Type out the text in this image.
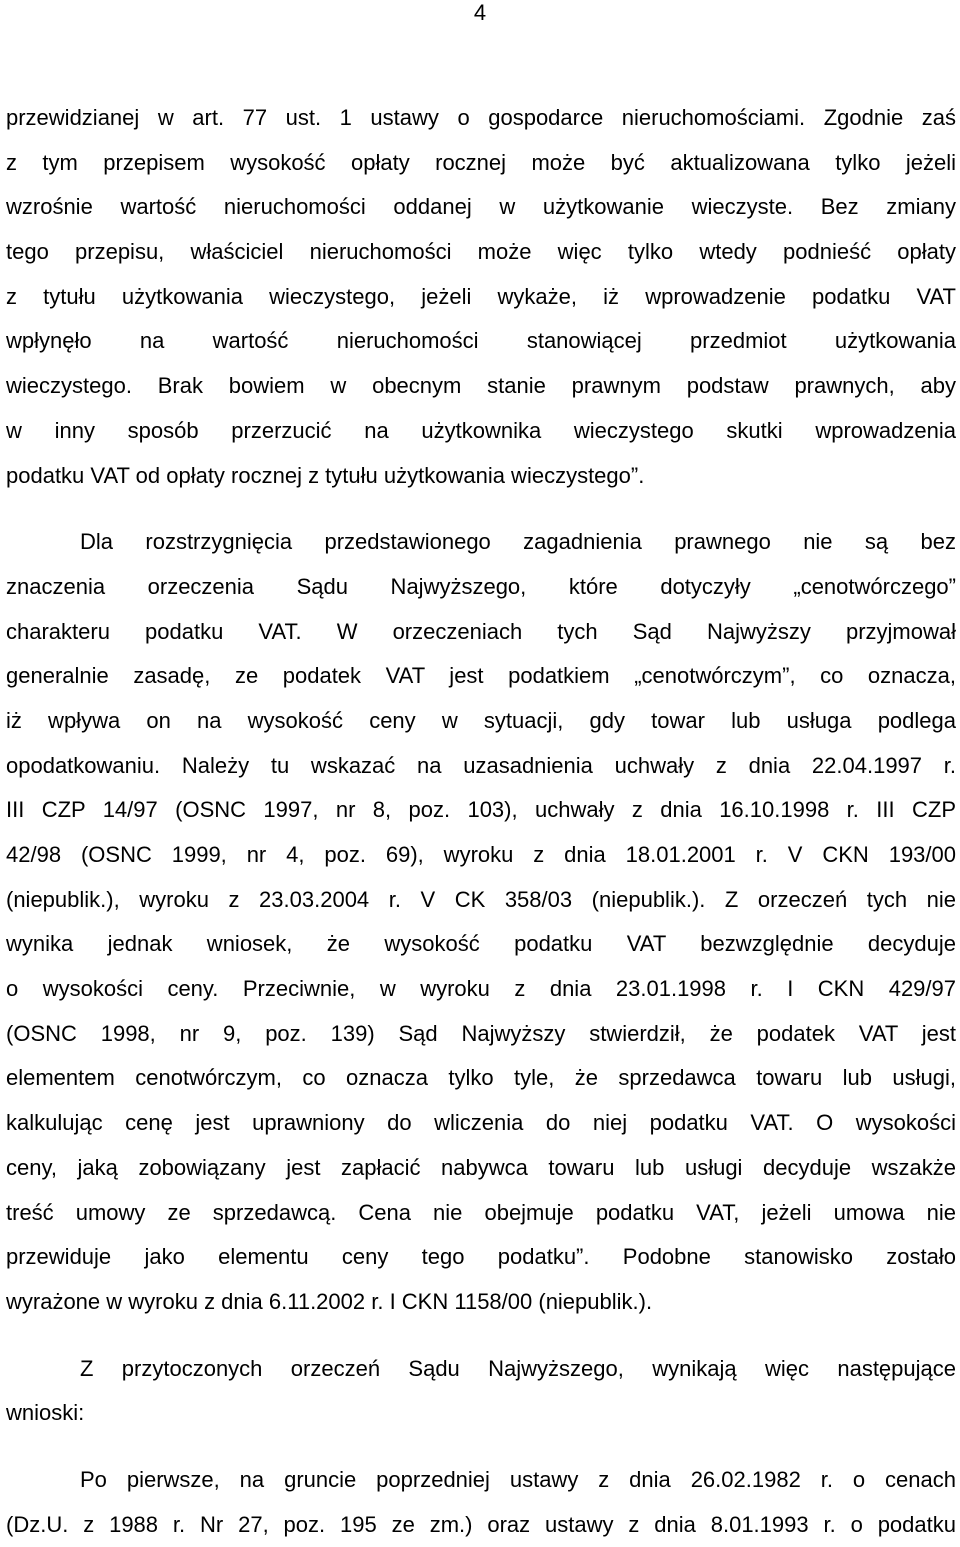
4
przewidzianej w art. 77 ust. 1 ustawy o gospodarce nieruchomościami. Zgodnie zaś
z tym przepisem wysokość opłaty rocznej może być aktualizowana tylko jeżeli
wzrośnie wartość nieruchomości oddanej w użytkowanie wieczyste. Bez zmiany
tego przepisu, właściciel nieruchomości może więc tylko wtedy podnieść opłaty
z tytułu użytkowania wieczystego, jeżeli wykaże, iż wprowadzenie podatku VAT
wpłynęło na wartość nieruchomości stanowiącej przedmiot użytkowania
wieczystego. Brak bowiem w obecnym stanie prawnym podstaw prawnych, aby
w inny sposób przerzucić na użytkownika wieczystego skutki wprowadzenia
podatku VAT od opłaty rocznej z tytułu użytkowania wieczystego”.
Dla rozstrzygnięcia przedstawionego zagadnienia prawnego nie są bez
znaczenia orzeczenia Sądu Najwyższego, które dotyczyły „cenotwórczego”
charakteru podatku VAT. W orzeczeniach tych Sąd Najwyższy przyjmował
generalnie zasadę, ze podatek VAT jest podatkiem „cenotwórczym”, co oznacza,
iż wpływa on na wysokość ceny w sytuacji, gdy towar lub usługa podlega
opodatkowaniu. Należy tu wskazać na uzasadnienia uchwały z dnia 22.04.1997 r.
III CZP 14/97 (OSNC 1997, nr 8, poz. 103), uchwały z dnia 16.10.1998 r. III CZP
42/98 (OSNC 1999, nr 4, poz. 69), wyroku z dnia 18.01.2001 r. V CKN 193/00
(niepublik.), wyroku z 23.03.2004 r. V CK 358/03 (niepublik.). Z orzeczeń tych nie
wynika jednak wniosek, że wysokość podatku VAT bezwzględnie decyduje
o wysokości ceny. Przeciwnie, w wyroku z dnia 23.01.1998 r. I CKN 429/97
(OSNC 1998, nr 9, poz. 139) Sąd Najwyższy stwierdził, że podatek VAT jest
elementem cenotwórczym, co oznacza tylko tyle, że sprzedawca towaru lub usługi,
kalkulując cenę jest uprawniony do wliczenia do niej podatku VAT. O wysokości
ceny, jaką zobowiązany jest zapłacić nabywca towaru lub usługi decyduje wszakże
treść umowy ze sprzedawcą. Cena nie obejmuje podatku VAT, jeżeli umowa nie
przewiduje jako elementu ceny tego podatku”. Podobne stanowisko zostało
wyrażone w wyroku z dnia 6.11.2002 r. I CKN 1158/00 (niepublik.).
Z przytoczonych orzeczeń Sądu Najwyższego, wynikają więc następujące
wnioski:
Po pierwsze, na gruncie poprzedniej ustawy z dnia 26.02.1982 r. o cenach
(Dz.U. z 1988 r. Nr 27, poz. 195 ze zm.) oraz ustawy z dnia 8.01.1993 r. o podatku
